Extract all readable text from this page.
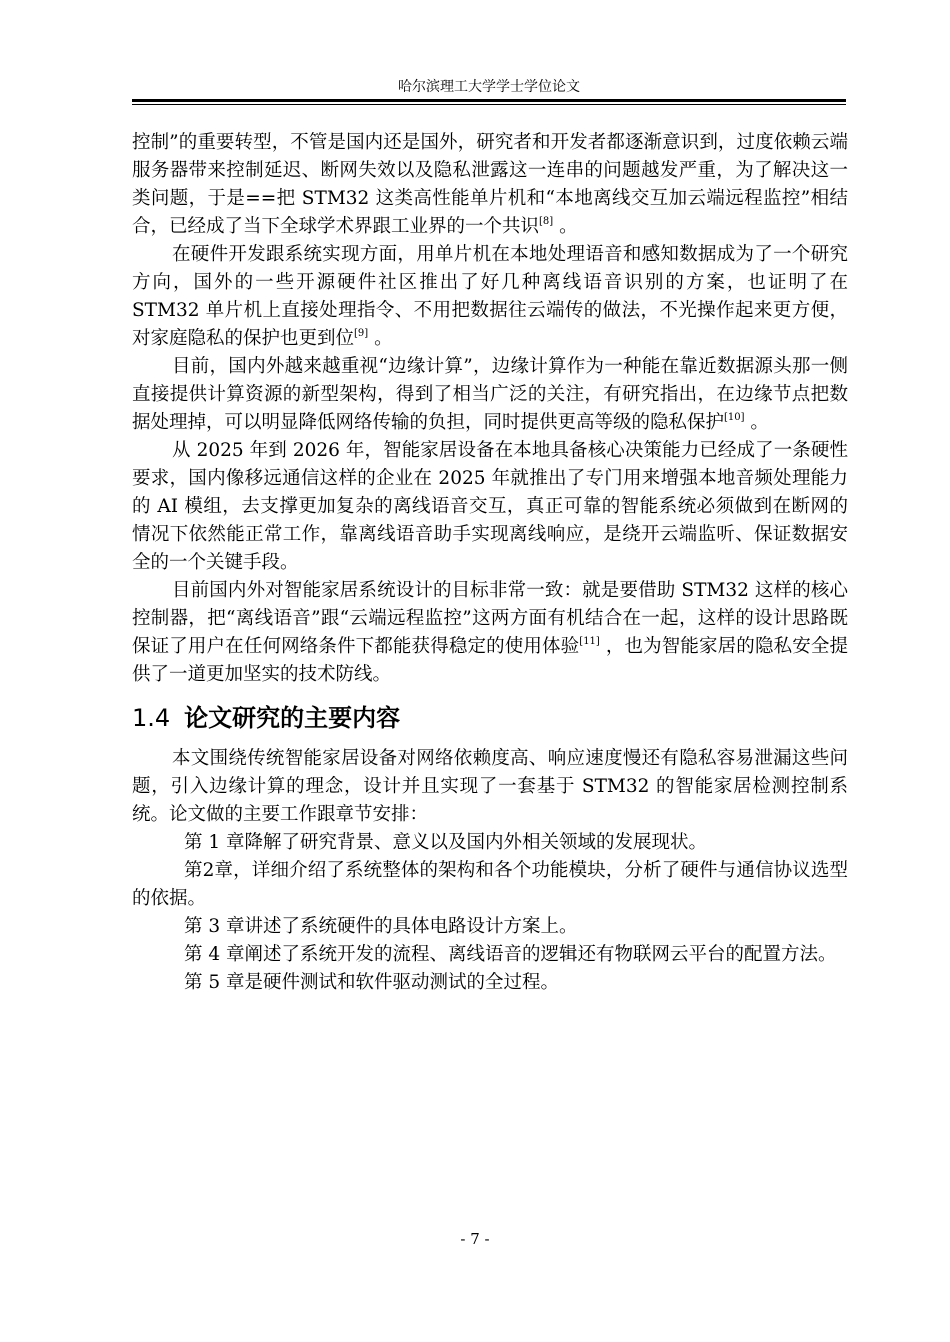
哈尔滨理工大学学士学位论文

控制”的重要转型，不管是国内还是国外，研究者和开发者都逐渐意识到，过度依赖云端服务器带来控制延迟、断网失效以及隐私泄露这一连串的问题越发严重，为了解决这一类问题，于是==把 STM32 这类高性能单片机和“本地离线交互加云端远程监控”相结合，已经成了当下全球学术界跟工业界的一个共识[8] 。

在硬件开发跟系统实现方面，用单片机在本地处理语音和感知数据成为了一个研究方向，国外的一些开源硬件社区推出了好几种离线语音识别的方案，也证明了在 STM32 单片机上直接处理指令、不用把数据往云端传的做法，不光操作起来更方便，对家庭隐私的保护也更到位[9] 。

目前，国内外越来越重视“边缘计算”，边缘计算作为一种能在靠近数据源头那一侧直接提供计算资源的新型架构，得到了相当广泛的关注，有研究指出，在边缘节点把数据处理掉，可以明显降低网络传输的负担，同时提供更高等级的隐私保护[10] 。

从 2025 年到 2026 年，智能家居设备在本地具备核心决策能力已经成了一条硬性要求，国内像移远通信这样的企业在 2025 年就推出了专门用来增强本地音频处理能力的 AI 模组，去支撑更加复杂的离线语音交互，真正可靠的智能系统必须做到在断网的情况下依然能正常工作，靠离线语音助手实现离线响应，是绕开云端监听、保证数据安全的一个关键手段。

目前国内外对智能家居系统设计的目标非常一致：就是要借助 STM32 这样的核心控制器，把“离线语音”跟“云端远程监控”这两方面有机结合在一起，这样的设计思路既保证了用户在任何网络条件下都能获得稳定的使用体验[11] ，也为智能家居的隐私安全提供了一道更加坚实的技术防线。

1.4 论文研究的主要内容

本文围绕传统智能家居设备对网络依赖度高、响应速度慢还有隐私容易泄漏这些问题，引入边缘计算的理念，设计并且实现了一套基于 STM32 的智能家居检测控制系统。论文做的主要工作跟章节安排：

第 1 章降解了研究背景、意义以及国内外相关领域的发展现状。

第2章，详细介绍了系统整体的架构和各个功能模块，分析了硬件与通信协议选型的依据。

第 3 章讲述了系统硬件的具体电路设计方案上。

第 4 章阐述了系统开发的流程、离线语音的逻辑还有物联网云平台的配置方法。

第 5 章是硬件测试和软件驱动测试的全过程。

- 7 -
